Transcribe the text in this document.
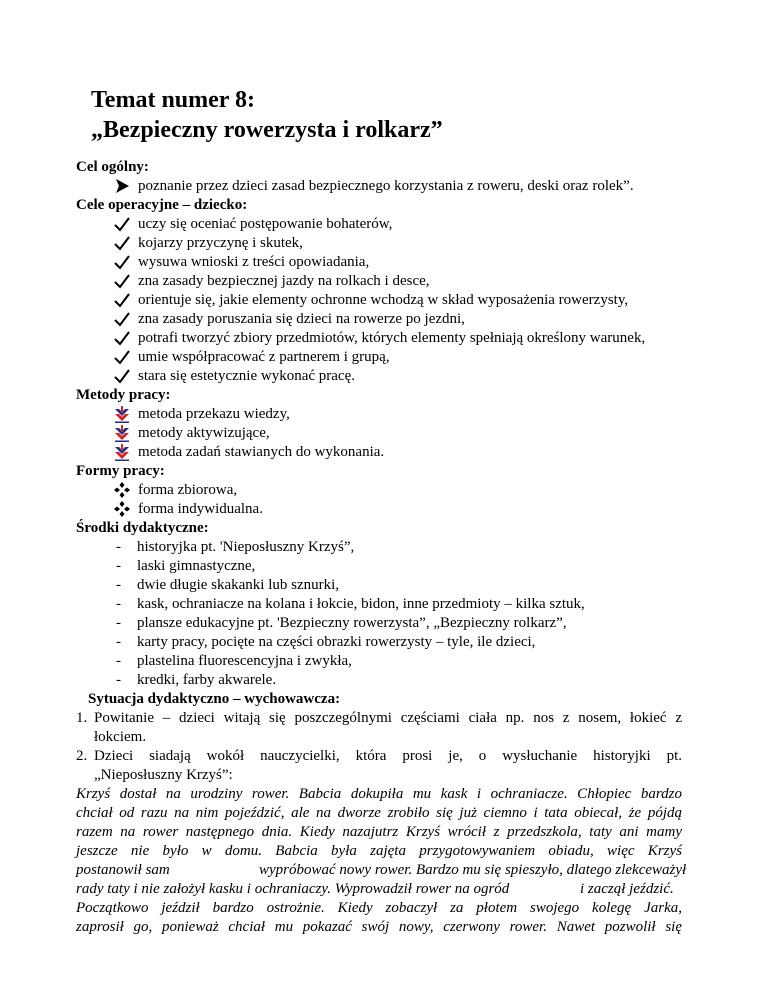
Temat numer 8:
„Bezpieczny rowerzysta i rolkarz”
Cel ogólny:
poznanie przez dzieci zasad bezpiecznego korzystania z roweru, deski oraz rolek”.
Cele operacyjne – dziecko:
uczy się oceniać postępowanie bohaterów,
kojarzy przyczynę i skutek,
wysuwa wnioski z treści opowiadania,
zna zasady bezpiecznej jazdy na rolkach i desce,
orientuje się, jakie elementy ochronne wchodzą w skład wyposażenia rowerzysty,
zna zasady poruszania się dzieci na rowerze po jezdni,
potrafi tworzyć zbiory przedmiotów, których elementy spełniają określony warunek,
umie współpracować z partnerem i grupą,
stara się estetycznie wykonać pracę.
Metody pracy:
metoda przekazu wiedzy,
metody aktywizujące,
metoda zadań stawianych do wykonania.
Formy pracy:
forma zbiorowa,
forma indywidualna.
Środki dydaktyczne:
- historyjka pt. 'Nieposłuszny Krzyś”,
- laski gimnastyczne,
- dwie długie skakanki lub sznurki,
- kask, ochraniacze na kolana i łokcie, bidon, inne przedmioty – kilka sztuk,
- plansze edukacyjne pt. 'Bezpieczny rowerzysta”, „Bezpieczny rolkarz”,
- karty pracy, pocięte na części obrazki rowerzysty – tyle, ile dzieci,
- plastelina fluorescencyjna i zwykła,
- kredki, farby akwarele.
Sytuacja dydaktyczno – wychowawcza:
1. Powitanie – dzieci witają się poszczególnymi częściami ciała np. nos z nosem, łokieć z
łokciem.
2. Dzieci siadają wokół nauczycielki, która prosi je, o wysłuchanie historyjki pt.
„Nieposłuszny Krzyś”:
Krzyś dostał na urodziny rower. Babcia dokupiła mu kask i ochraniacze. Chłopiec bardzo
chciał od razu na nim pojeździć, ale na dworze zrobiło się już ciemno i tata obiecał, że pójdą
razem na rower następnego dnia. Kiedy nazajutrz Krzyś wrócił z przedszkola, taty ani mamy
jeszcze nie było w domu. Babcia była zajęta przygotowywaniem obiadu, więc Krzyś
postanowił sam	wypróbować nowy rower. Bardzo mu się spieszyło, dlatego zlekceważył
rady taty i nie założył kasku i ochraniaczy. Wyprowadził rower na ogród	i zaczął jeździć.
Początkowo jeździł bardzo ostrożnie. Kiedy zobaczył za płotem swojego kolegę Jarka,
zaprosił go, ponieważ chciał mu pokazać swój nowy, czerwony rower. Nawet pozwolił się
